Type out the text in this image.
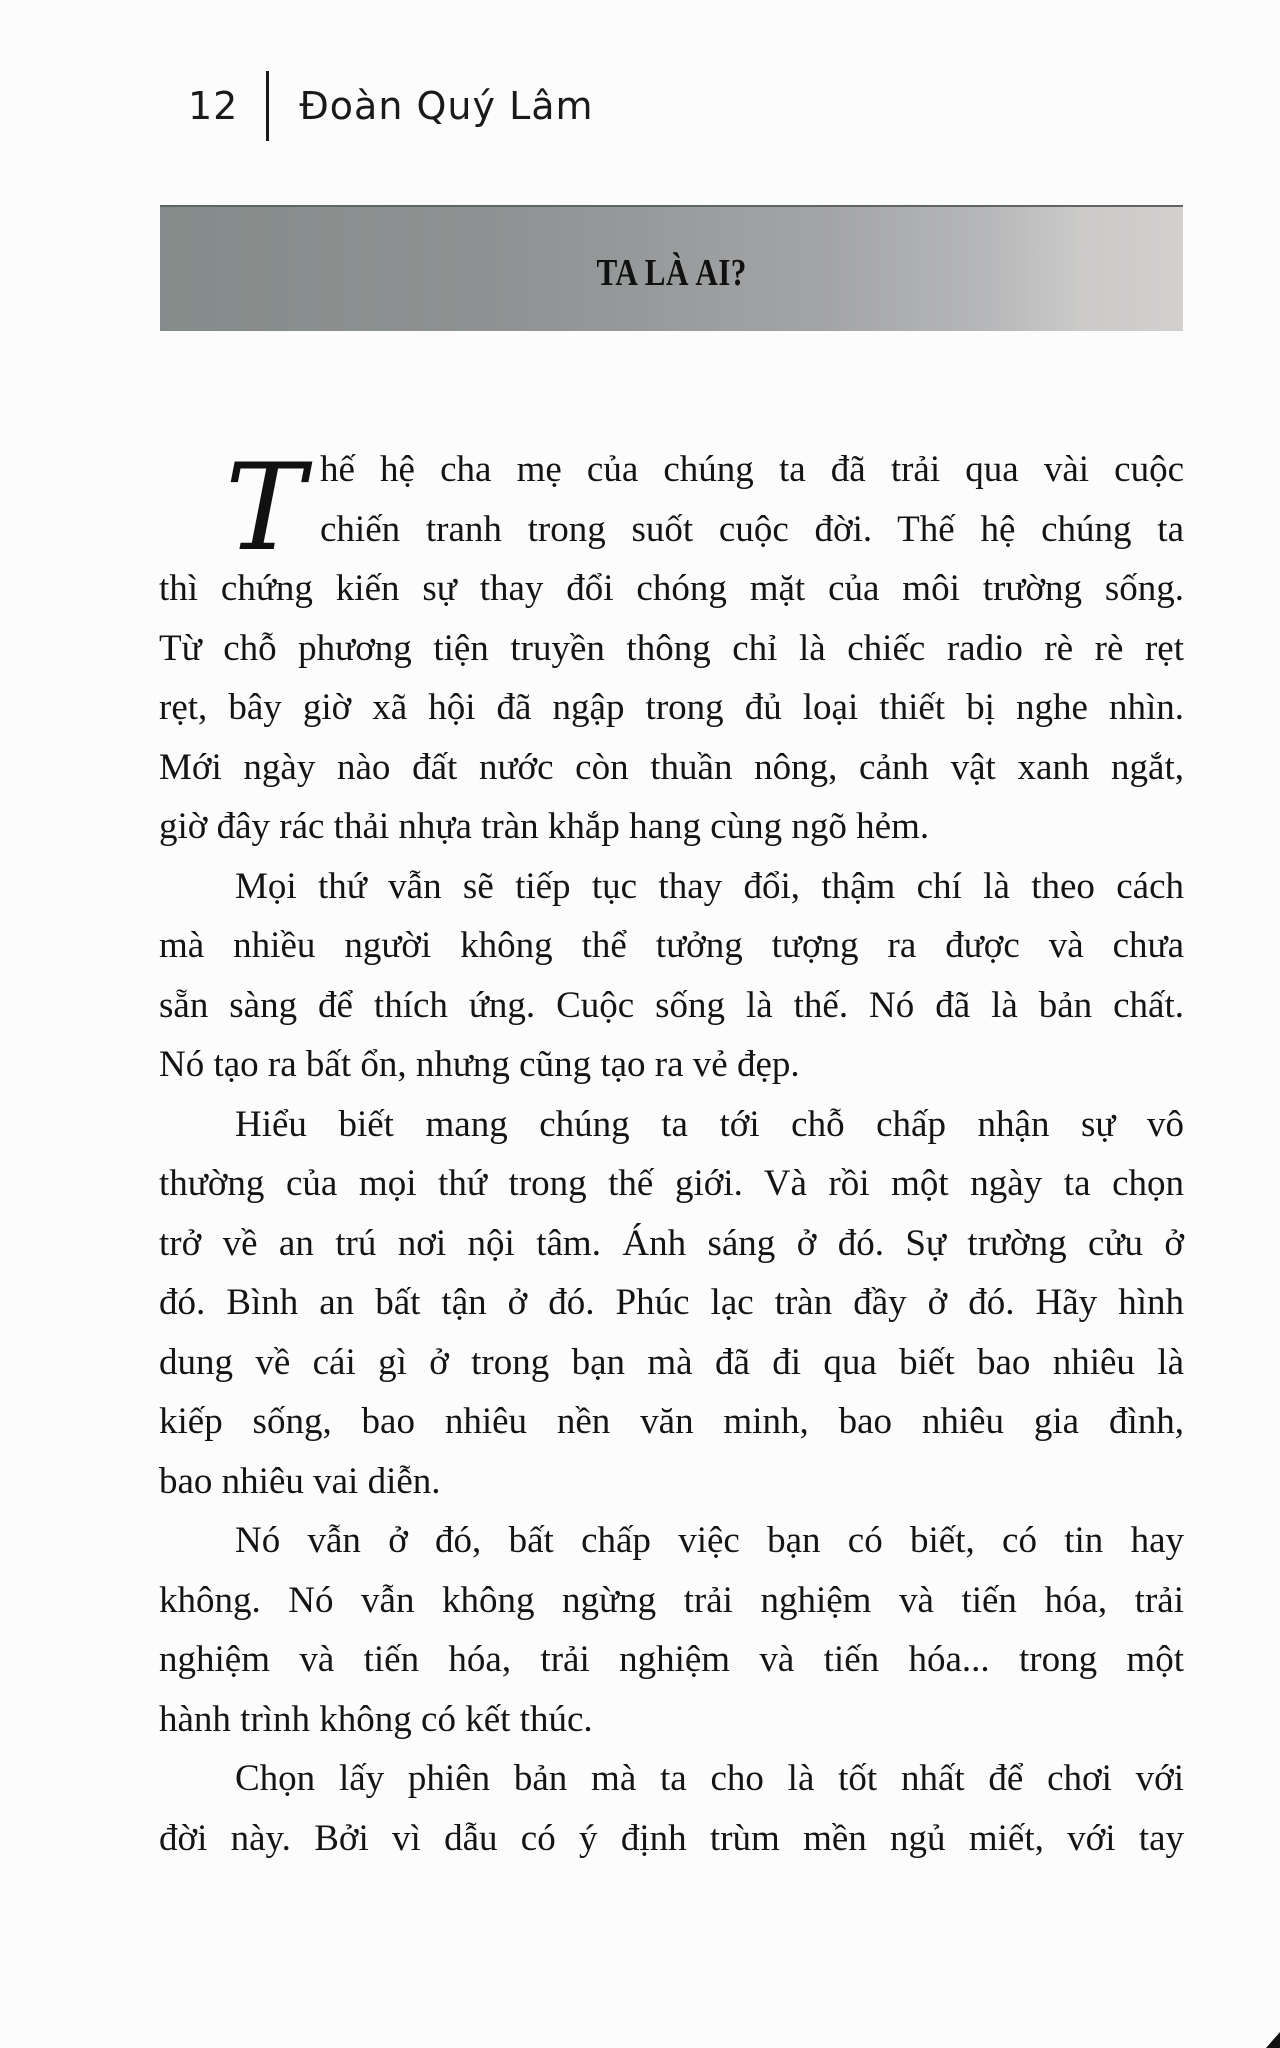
12 Đoàn Quý Lâm
TA LÀ AI?
T hế hệ cha mẹ của chúng ta đã trải qua vài cuộc
chiến tranh trong suốt cuộc đời. Thế hệ chúng ta
thì chứng kiến sự thay đổi chóng mặt của môi trường sống.
Từ chỗ phương tiện truyền thông chỉ là chiếc radio rè rè rẹt
rẹt, bây giờ xã hội đã ngập trong đủ loại thiết bị nghe nhìn.
Mới ngày nào đất nước còn thuần nông, cảnh vật xanh ngắt,
giờ đây rác thải nhựa tràn khắp hang cùng ngõ hẻm.
Mọi thứ vẫn sẽ tiếp tục thay đổi, thậm chí là theo cách
mà nhiều người không thể tưởng tượng ra được và chưa
sẵn sàng để thích ứng. Cuộc sống là thế. Nó đã là bản chất.
Nó tạo ra bất ổn, nhưng cũng tạo ra vẻ đẹp.
Hiểu biết mang chúng ta tới chỗ chấp nhận sự vô
thường của mọi thứ trong thế giới. Và rồi một ngày ta chọn
trở về an trú nơi nội tâm. Ánh sáng ở đó. Sự trường cửu ở
đó. Bình an bất tận ở đó. Phúc lạc tràn đầy ở đó. Hãy hình
dung về cái gì ở trong bạn mà đã đi qua biết bao nhiêu là
kiếp sống, bao nhiêu nền văn minh, bao nhiêu gia đình,
bao nhiêu vai diễn.
Nó vẫn ở đó, bất chấp việc bạn có biết, có tin hay
không. Nó vẫn không ngừng trải nghiệm và tiến hóa, trải
nghiệm và tiến hóa, trải nghiệm và tiến hóa... trong một
hành trình không có kết thúc.
Chọn lấy phiên bản mà ta cho là tốt nhất để chơi với
đời này. Bởi vì dẫu có ý định trùm mền ngủ miết, với tay
